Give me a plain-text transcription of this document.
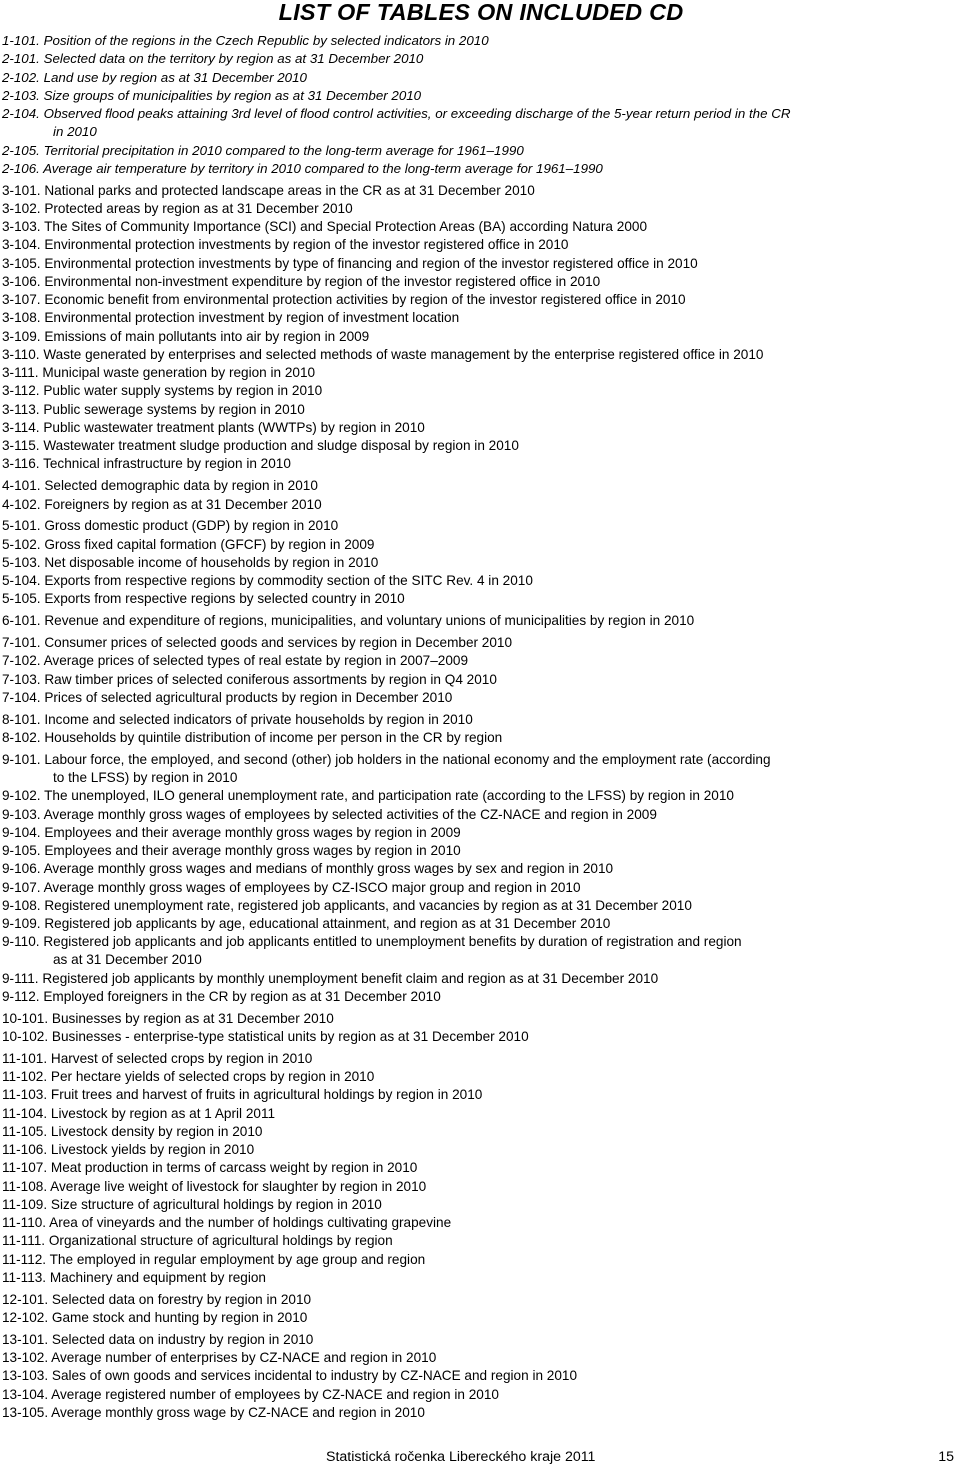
LIST OF TABLES ON INCLUDED CD
1-101. Position of the regions in the Czech Republic by selected indicators in 2010
2-101. Selected data on the territory by region as at 31 December 2010
2-102. Land use by region as at 31 December 2010
2-103. Size groups of municipalities by region as at 31 December 2010
2-104. Observed flood peaks attaining 3rd level of flood control activities, or exceeding discharge of the 5-year return period in the CR
in 2010
2-105. Territorial precipitation in 2010 compared to the long-term average for 1961–1990
2-106. Average air temperature by territory in 2010 compared to the long-term average for 1961–1990
3-101. National parks and protected landscape areas in the CR as at 31 December 2010
3-102. Protected areas by region as at 31 December 2010
3-103. The Sites of Community Importance (SCI) and Special Protection Areas (BA) according Natura 2000
3-104. Environmental protection investments by region of the investor registered office in 2010
3-105. Environmental protection investments by type of financing and region of the investor registered office in 2010
3-106. Environmental non-investment expenditure by region of the investor registered office in 2010
3-107. Economic benefit from environmental protection activities by region of the investor registered office in 2010
3-108. Environmental protection investment by region of investment location
3-109. Emissions of main pollutants into air by region in 2009
3-110. Waste generated by enterprises and selected methods of waste management by the enterprise registered office in 2010
3-111. Municipal waste generation by region in 2010
3-112. Public water supply systems by region in 2010
3-113. Public sewerage systems by region in 2010
3-114. Public wastewater treatment plants (WWTPs) by region in 2010
3-115. Wastewater treatment sludge production and sludge disposal by region in 2010
3-116. Technical infrastructure by region in 2010
4-101. Selected demographic data by region in 2010
4-102. Foreigners by region as at 31 December 2010
5-101. Gross domestic product (GDP) by region in 2010
5-102. Gross fixed capital formation (GFCF) by region in 2009
5-103. Net disposable income of households by region in 2010
5-104. Exports from respective regions by commodity section of the SITC Rev. 4 in 2010
5-105. Exports from respective regions by selected country in 2010
6-101. Revenue and expenditure of regions, municipalities, and voluntary unions of municipalities by region in 2010
7-101. Consumer prices of selected goods and services by region in December 2010
7-102. Average prices of selected types of real estate by region in 2007–2009
7-103. Raw timber prices of selected coniferous assortments by region in Q4 2010
7-104. Prices of selected agricultural products by region in December 2010
8-101. Income and selected indicators of private households by region in 2010
8-102. Households by quintile distribution of income per person in the CR by region
9-101. Labour force, the employed, and second (other) job holders in the national economy and the employment rate (according
to the LFSS) by region in 2010
9-102. The unemployed, ILO general unemployment rate, and participation rate (according to the LFSS) by region in 2010
9-103. Average monthly gross wages of employees by selected activities of the CZ-NACE and region in 2009
9-104. Employees and their average monthly gross wages by region in 2009
9-105. Employees and their average monthly gross wages by region in 2010
9-106. Average monthly gross wages and medians of monthly gross wages by sex and region in 2010
9-107. Average monthly gross wages of employees by CZ-ISCO major group and region in 2010
9-108. Registered unemployment rate, registered job applicants, and vacancies by region as at 31 December 2010
9-109. Registered job applicants by age, educational attainment, and region as at 31 December 2010
9-110. Registered job applicants and job applicants entitled to unemployment benefits by duration of registration and region
as at 31 December 2010
9-111. Registered job applicants by monthly unemployment benefit claim and region as at 31 December 2010
9-112. Employed foreigners in the CR by region as at 31 December 2010
10-101. Businesses by region as at 31 December 2010
10-102. Businesses - enterprise-type statistical units by region as at 31 December 2010
11-101. Harvest of selected crops by region in 2010
11-102. Per hectare yields of selected crops by region in 2010
11-103. Fruit trees and harvest of fruits in agricultural holdings by region in 2010
11-104. Livestock by region as at 1 April 2011
11-105. Livestock density by region in 2010
11-106. Livestock yields by region in 2010
11-107. Meat production in terms of carcass weight by region in 2010
11-108. Average live weight of livestock for slaughter by region in 2010
11-109. Size structure of agricultural holdings by region in 2010
11-110. Area of vineyards and the number of holdings cultivating grapevine
11-111. Organizational structure of agricultural holdings by region
11-112. The employed in regular employment by age group and region
11-113. Machinery and equipment by region
12-101. Selected data on forestry by region in 2010
12-102. Game stock and hunting by region in 2010
13-101. Selected data on industry by region in 2010
13-102. Average number of enterprises by CZ-NACE and region in 2010
13-103. Sales of own goods and services incidental to industry by CZ-NACE and region in 2010
13-104. Average registered number of employees by CZ-NACE and region in 2010
13-105. Average monthly gross wage by CZ-NACE and region in 2010
Statistická ročenka Libereckého kraje 2011	15
